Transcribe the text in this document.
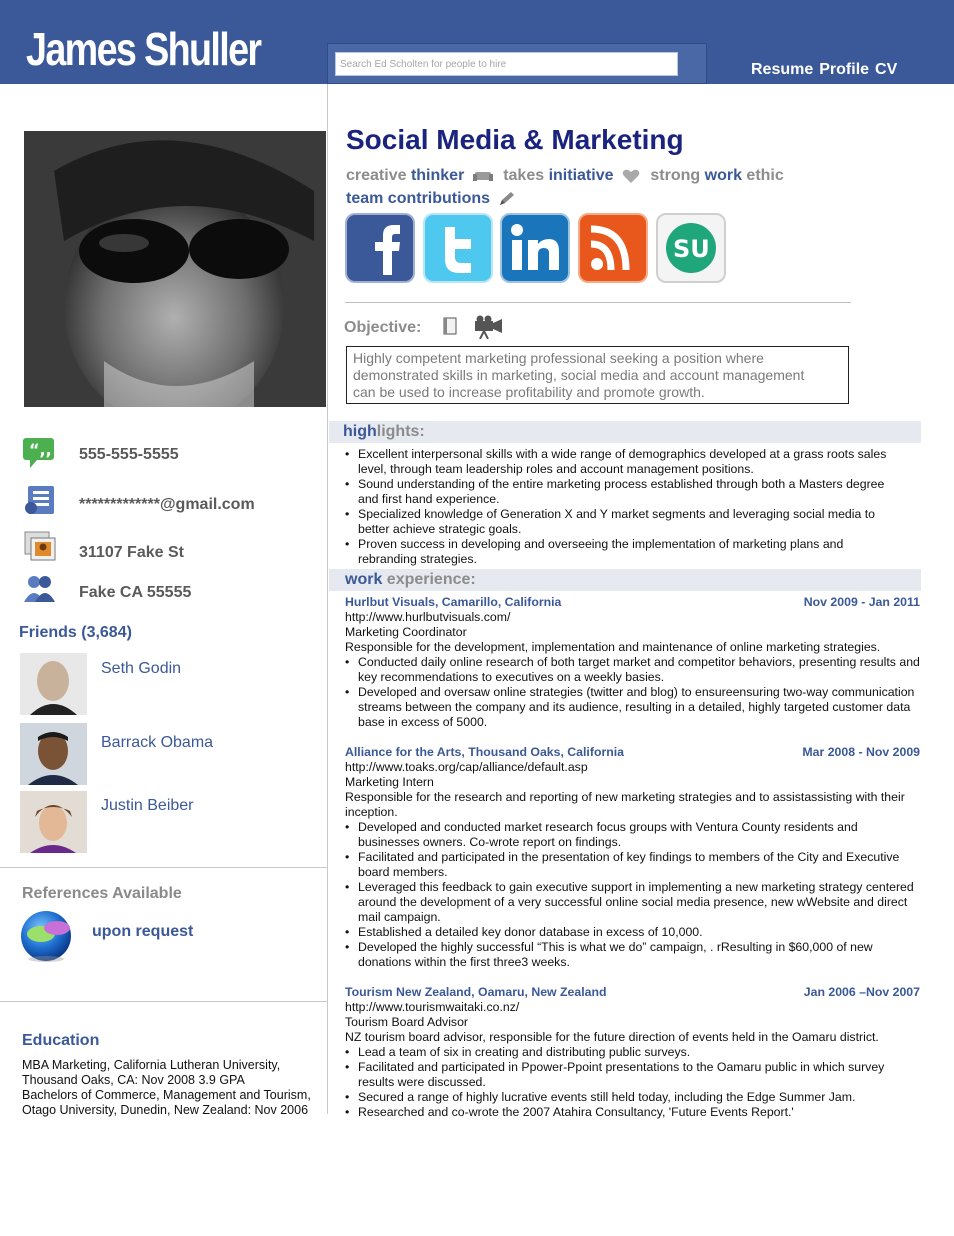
James Shuller
Search Ed Scholten for people to hire	Resume Profile CV
“,, 555-555-5555
*************@gmail.com
31107 Fake St
Fake CA 55555
Friends (3,684)
Seth Godin
Barrack Obama
Justin Beiber
References Available
upon request
Education
MBA Marketing, California Lutheran University,
Thousand Oaks, CA: Nov 2008 3.9 GPA
Bachelors of Commerce, Management and Tourism,
Otago University, Dunedin, New Zealand: Nov 2006
Social Media & Marketing
creative thinker takes initiative strong work ethic
team contributions
SU
Objective:
Highly competent marketing professional seeking a position where
demonstrated skills in marketing, social media and account management
can be used to increase profitability and promote growth.
highlights:
• Excellent interpersonal skills with a wide range of demographics developed at a grass roots sales level, through team leadership roles and account management positions.
• Sound understanding of the entire marketing process established through both a Masters degree and first hand experience.
• Specialized knowledge of Generation X and Y market segments and leveraging social media to better achieve strategic goals.
• Proven success in developing and overseeing the implementation of marketing plans and rebranding strategies.
work experience:
Hurlbut Visuals, Camarillo, California	Nov 2009 - Jan 2011
http://www.hurlbutvisuals.com/
Marketing Coordinator
Responsible for the development, implementation and maintenance of online marketing strategies.
• Conducted daily online research of both target market and competitor behaviors, presenting results and key recommendations to executives on a weekly basies.
• Developed and oversaw online strategies (twitter and blog) to ensureensuring two-way communication streams between the company and its audience, resulting in a detailed, highly targeted customer data base in excess of 5000.
Alliance for the Arts, Thousand Oaks, California	Mar 2008 - Nov 2009
http://www.toaks.org/cap/alliance/default.asp
Marketing Intern
Responsible for the research and reporting of new marketing strategies and to assistassisting with their inception.
• Developed and conducted market research focus groups with Ventura County residents and businesses owners. Co-wrote report on findings.
• Facilitated and participated in the presentation of key findings to members of the City and Executive board members.
• Leveraged this feedback to gain executive support in implementing a new marketing strategy centered around the development of a very successful online social media presence, new wWebsite and direct mail campaign.
• Established a detailed key donor database in excess of 10,000.
• Developed the highly successful “This is what we do” campaign, . rResulting in $60,000 of new donations within the first three3 weeks.
Tourism New Zealand, Oamaru, New Zealand	Jan 2006 –Nov 2007
http://www.tourismwaitaki.co.nz/
Tourism Board Advisor
NZ tourism board advisor, responsible for the future direction of events held in the Oamaru district.
• Lead a team of six in creating and distributing public surveys.
• Facilitated and participated in Ppower-Ppoint presentations to the Oamaru public in which survey results were discussed.
• Secured a range of highly lucrative events still held today, including the Edge Summer Jam.
• Researched and co-wrote the 2007 Atahira Consultancy, 'Future Events Report.'
